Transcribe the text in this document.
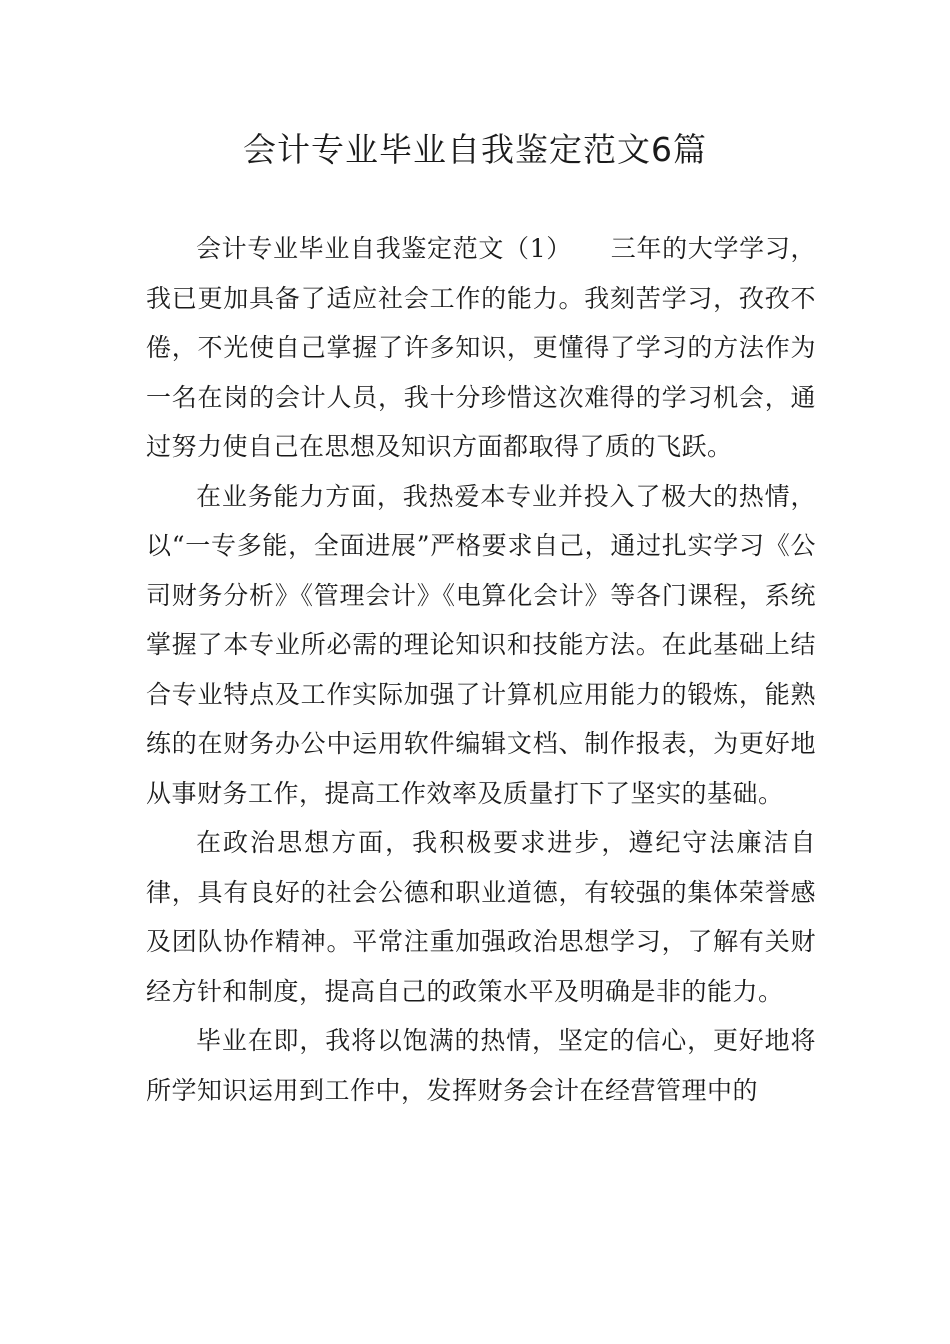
会计专业毕业自我鉴定范文6篇

会计专业毕业自我鉴定范文（1）　　三年的大学学习，我已更加具备了适应社会工作的能力。我刻苦学习，孜孜不倦，不光使自己掌握了许多知识，更懂得了学习的方法作为一名在岗的会计人员，我十分珍惜这次难得的学习机会，通过努力使自己在思想及知识方面都取得了质的飞跃。

在业务能力方面，我热爱本专业并投入了极大的热情，以“一专多能，全面进展”严格要求自己，通过扎实学习《公司财务分析》《管理会计》《电算化会计》等各门课程，系统掌握了本专业所必需的理论知识和技能方法。在此基础上结合专业特点及工作实际加强了计算机应用能力的锻炼，能熟练的在财务办公中运用软件编辑文档、制作报表，为更好地从事财务工作，提高工作效率及质量打下了坚实的基础。

在政治思想方面，我积极要求进步，遵纪守法廉洁自律，具有良好的社会公德和职业道德，有较强的集体荣誉感及团队协作精神。平常注重加强政治思想学习，了解有关财经方针和制度，提高自己的政策水平及明确是非的能力。

毕业在即，我将以饱满的热情，坚定的信心，更好地将所学知识运用到工作中，发挥财务会计在经营管理中的
